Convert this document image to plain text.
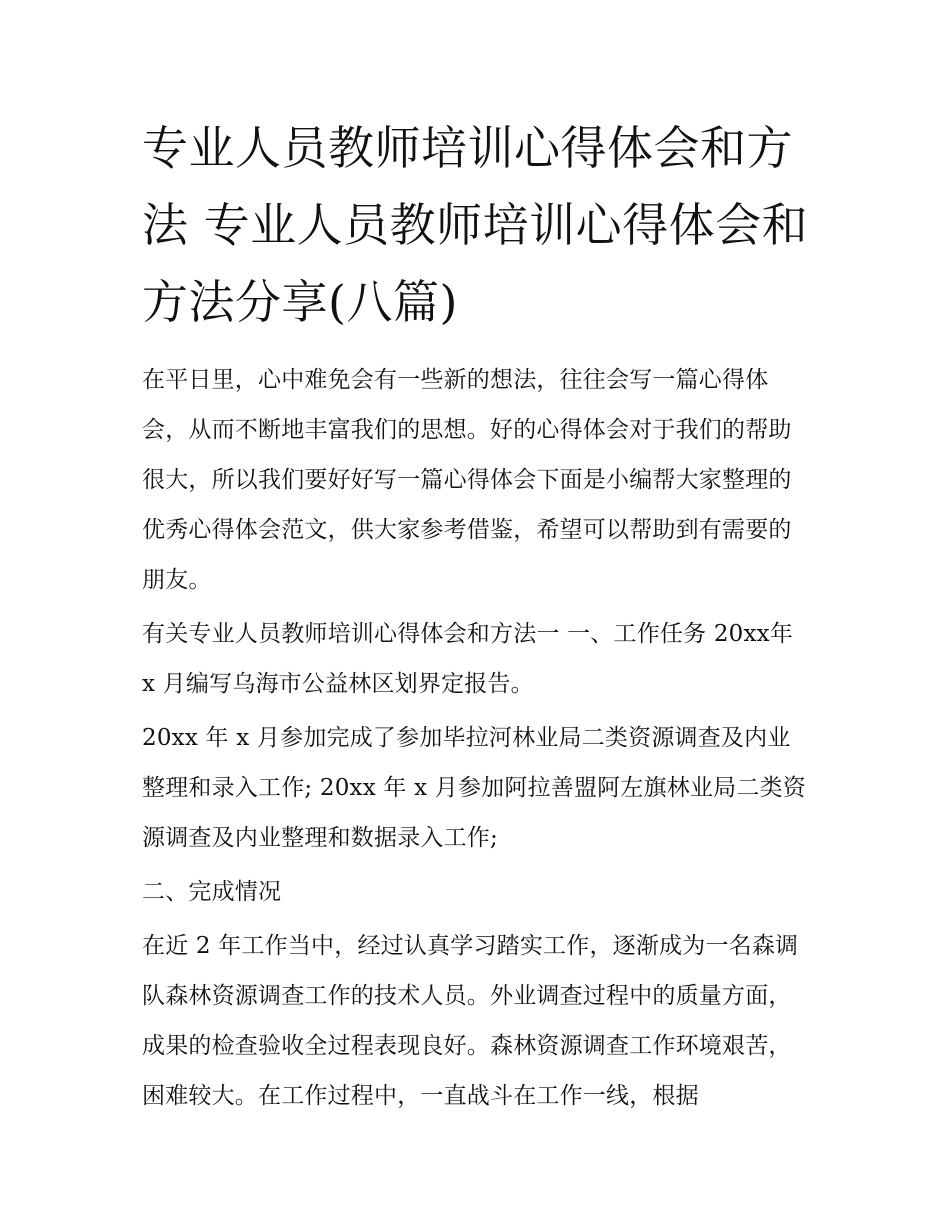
专业人员教师培训心得体会和方法 专业人员教师培训心得体会和方法分享(八篇)

在平日里，心中难免会有一些新的想法，往往会写一篇心得体会，从而不断地丰富我们的思想。好的心得体会对于我们的帮助很大，所以我们要好好写一篇心得体会下面是小编帮大家整理的优秀心得体会范文，供大家参考借鉴，希望可以帮助到有需要的朋友。

有关专业人员教师培训心得体会和方法一 一、工作任务 20xx年 x 月编写乌海市公益林区划界定报告。

20xx 年 x 月参加完成了参加毕拉河林业局二类资源调查及内业整理和录入工作; 20xx 年 x 月参加阿拉善盟阿左旗林业局二类资源调查及内业整理和数据录入工作;

二、完成情况

在近 2 年工作当中，经过认真学习踏实工作，逐渐成为一名森调队森林资源调查工作的技术人员。外业调查过程中的质量方面，成果的检查验收全过程表现良好。森林资源调查工作环境艰苦，困难较大。在工作过程中，一直战斗在工作一线，根据
